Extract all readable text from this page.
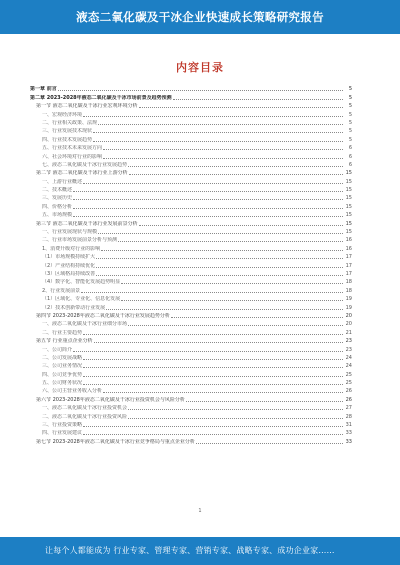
液态二氧化碳及干冰企业快速成长策略研究报告
内容目录
第一章 前言	5
第二章 2023-2028年液态二氧化碳及干冰市场前景及趋势预测	5
第一节 液态二氧化碳及干冰行业宏观环境分析	5
一、宏观经济环境	5
二、行业相关政策、法规	5
三、行业发展技术现状	5
四、行业技术发展趋势	5
五、行业技术未来发展方向	6
六、社会环境对行业的影响	6
七、液态二氧化碳及干冰行业发展趋势	6
第二节 液态二氧化碳及干冰行业上游分析	15
一、上游行业概述	15
二、技术概述	15
三、发展历史	15
四、价格分析	15
五、市场规模	15
第三节 液态二氧化碳及干冰行业发展前景分析	15
一、行业发展现状与规模	15
二、行业市场发展前景分析与预测	16
1、消费升级对行业的影响	16
（1）市场规模持续扩大	17
（2）产业结构持续优化	17
（3）区域格局持续改善	17
（4）数字化、智能化发展趋势明显	18
2、行业发展前景	18
（1）区域化、专业化、信息化发展	19
（2）技术创新带动行业发展	19
第四节 2023-2028年液态二氧化碳及干冰行业发展趋势分析	20
一、液态二氧化碳及干冰行业细分市场	20
二、行业主要趋势	21
第五节 行业重点企业分析	23
一、公司简介	23
二、公司发展战略	24
三、公司业务情况	24
四、公司竞争优势	25
五、公司财务状况	25
六、公司主营业务收入分析	26
第六节 2023-2028年液态二氧化碳及干冰行业投资机会与风险分析	26
一、液态二氧化碳及干冰行业投资机会	27
二、液态二氧化碳及干冰行业投资风险	28
三、行业投资策略	31
四、行业发展建议	33
第七节 2023-2028年液态二氧化碳及干冰行业竞争格局与重点企业分析	33
1
让每个人都能成为 行业专家、管理专家、营销专家、战略专家、成功企业家……
